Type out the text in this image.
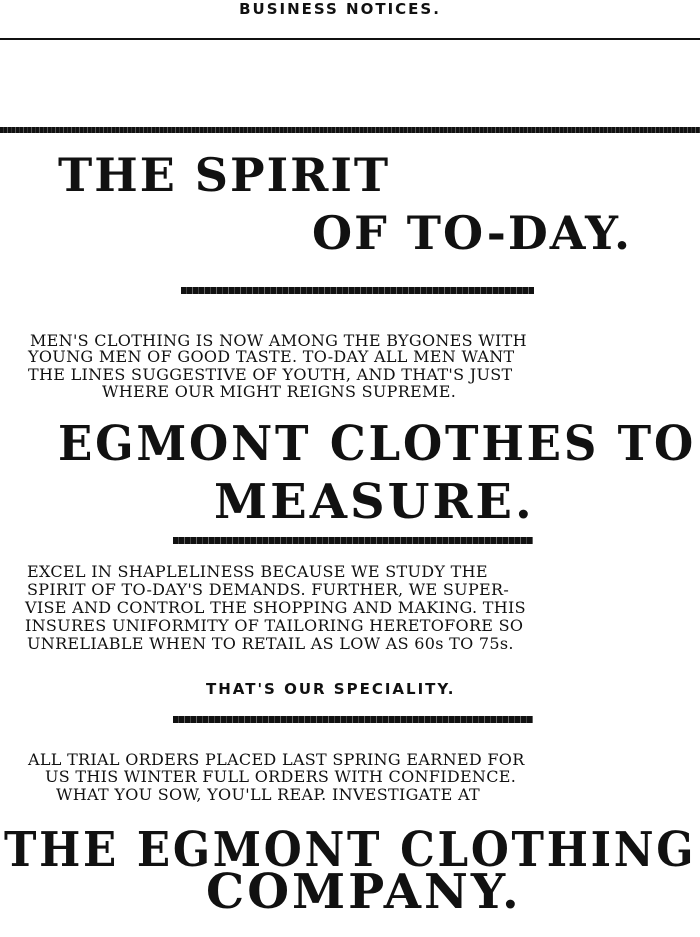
BUSINESS NOTICES.
THE SPIRIT
OF TO-DAY.
MEN'S CLOTHING IS NOW AMONG THE BYGONES WITH
YOUNG MEN OF GOOD TASTE. TO-DAY ALL MEN WANT
THE LINES SUGGESTIVE OF YOUTH, AND THAT'S JUST
WHERE OUR MIGHT REIGNS SUPREME.
EGMONT CLOTHES TO
MEASURE.
EXCEL IN SHAPLELINESS BECAUSE WE STUDY THE
SPIRIT OF TO-DAY'S DEMANDS. FURTHER, WE SUPER-
VISE AND CONTROL THE SHOPPING AND MAKING. THIS
INSURES UNIFORMITY OF TAILORING HERETOFORE SO
UNRELIABLE WHEN TO RETAIL AS LOW AS 60s TO 75s.
THAT'S OUR SPECIALITY.
ALL TRIAL ORDERS PLACED LAST SPRING EARNED FOR
US THIS WINTER FULL ORDERS WITH CONFIDENCE.
WHAT YOU SOW, YOU'LL REAP. INVESTIGATE AT
THE EGMONT CLOTHING
COMPANY.
